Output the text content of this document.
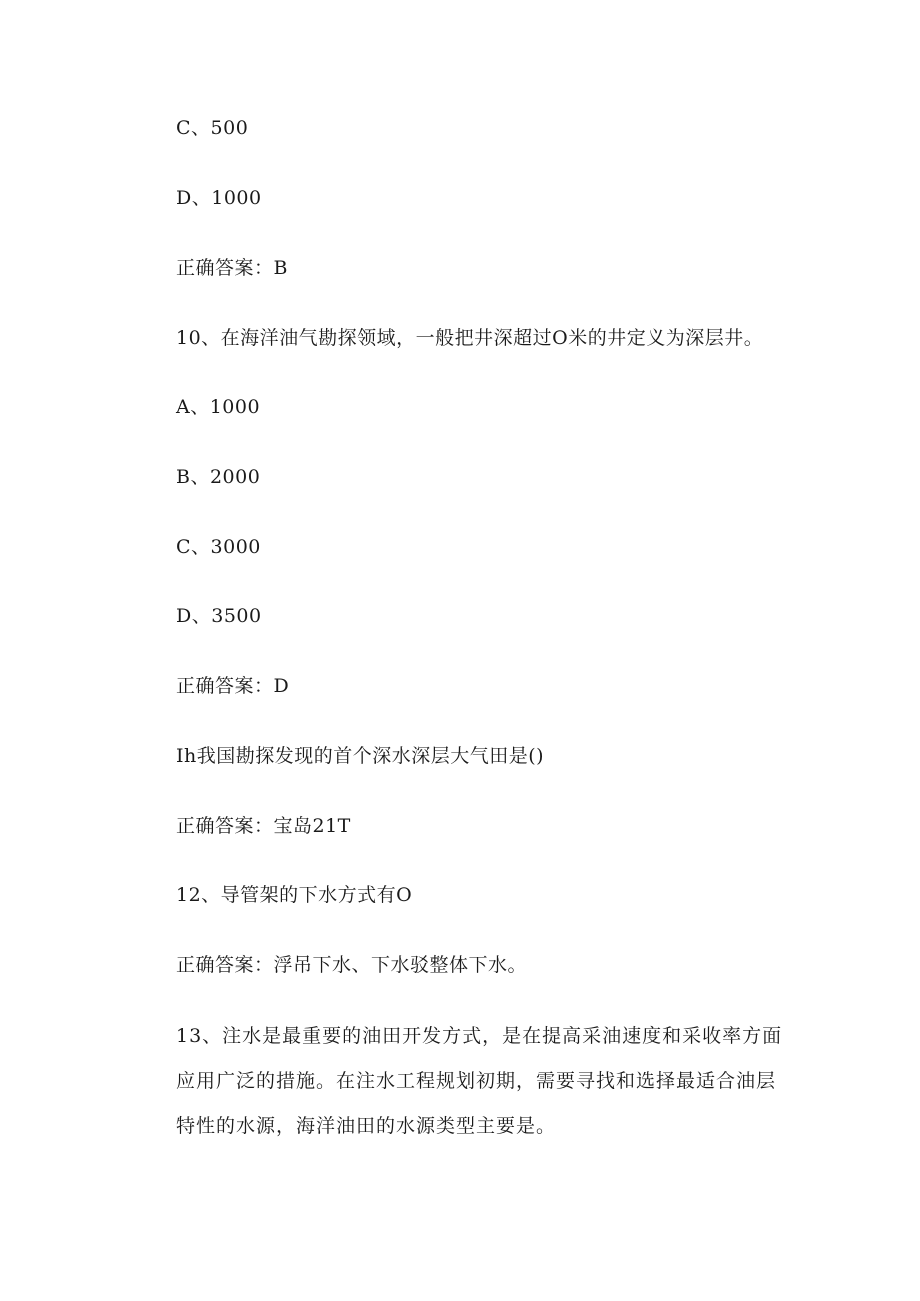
C、500
D、1000
正确答案：B
10、在海洋油气勘探领域，一般把井深超过O米的井定义为深层井。
A、1000
B、2000
C、3000
D、3500
正确答案：D
Ih我国勘探发现的首个深水深层大气田是()
正确答案：宝岛21T
12、导管架的下水方式有O
正确答案：浮吊下水、下水驳整体下水。
13、注水是最重要的油田开发方式，是在提高采油速度和采收率方面应用广泛的措施。在注水工程规划初期，需要寻找和选择最适合油层特性的水源，海洋油田的水源类型主要是。
